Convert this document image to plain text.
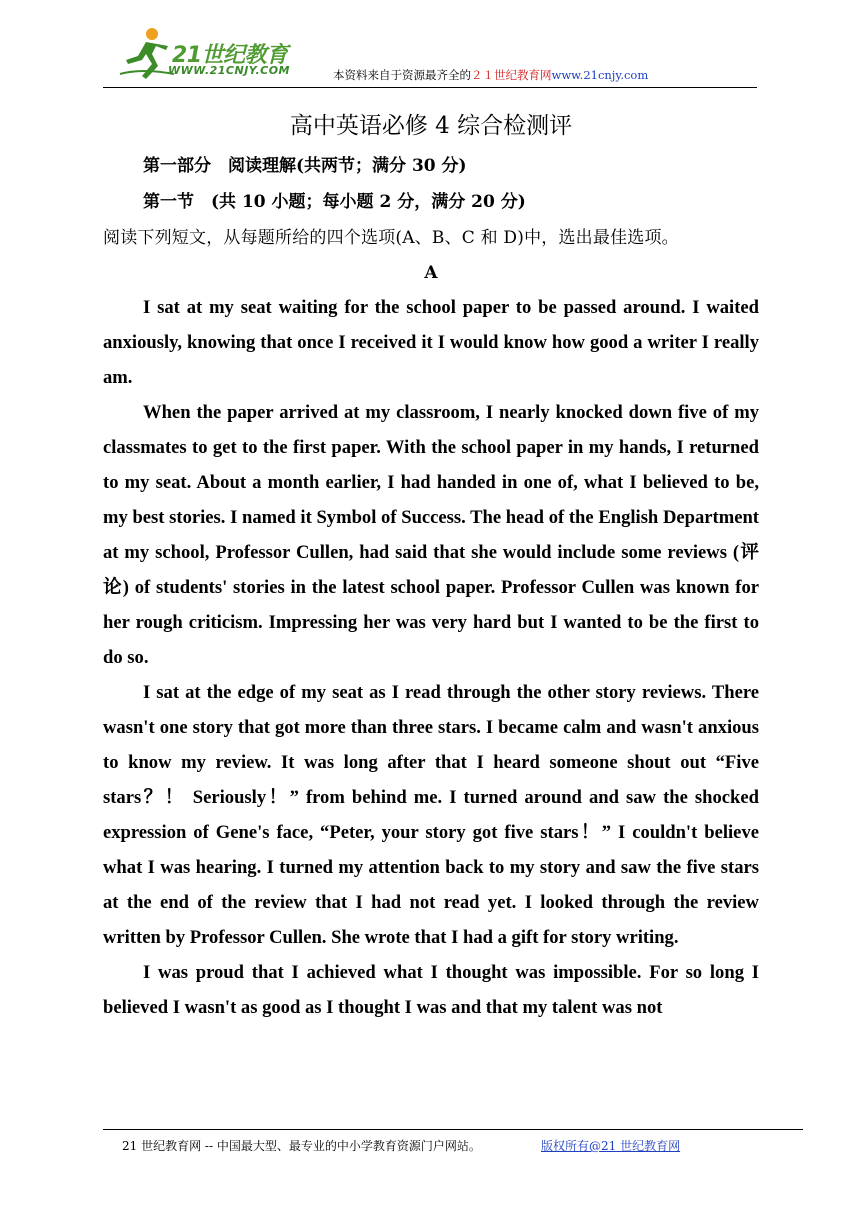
21世纪教育
WWW.21CNJY.COM	本资料来自于资源最齐全的２１世纪教育网www.21cnjy.com
高中英语必修 4 综合检测评
第一部分　阅读理解(共两节；满分 30 分)
第一节　(共 10 小题；每小题 2 分，满分 20 分)
阅读下列短文，从每题所给的四个选项(A、B、C 和 D)中，选出最佳选项。
A

I sat at my seat waiting for the school paper to be passed around. I waited anxiously, knowing that once I received it I would know how good a writer I really am.

When the paper arrived at my classroom, I nearly knocked down five of my classmates to get to the first paper. With the school paper in my hands, I returned to my seat. About a month earlier, I had handed in one of, what I believed to be, my best stories. I named it Symbol of Success. The head of the English Department at my school, Professor Cullen, had said that she would include some reviews (评论) of students' stories in the latest school paper. Professor Cullen was known for her rough criticism. Impressing her was very hard but I wanted to be the first to do so.

I sat at the edge of my seat as I read through the other story reviews. There wasn't one story that got more than three stars. I became calm and wasn't anxious to know my review. It was long after that I heard someone shout out “Five stars？！ Seriously！” from behind me. I turned around and saw the shocked expression of Gene's face, “Peter, your story got five stars！” I couldn't believe what I was hearing. I turned my attention back to my story and saw the five stars at the end of the review that I had not read yet. I looked through the review written by Professor Cullen. She wrote that I had a gift for story writing.

I was proud that I achieved what I thought was impossible. For so long I believed I wasn't as good as I thought I was and that my talent was not

21 世纪教育网 -- 中国最大型、最专业的中小学教育资源门户网站。	版权所有@21 世纪教育网
